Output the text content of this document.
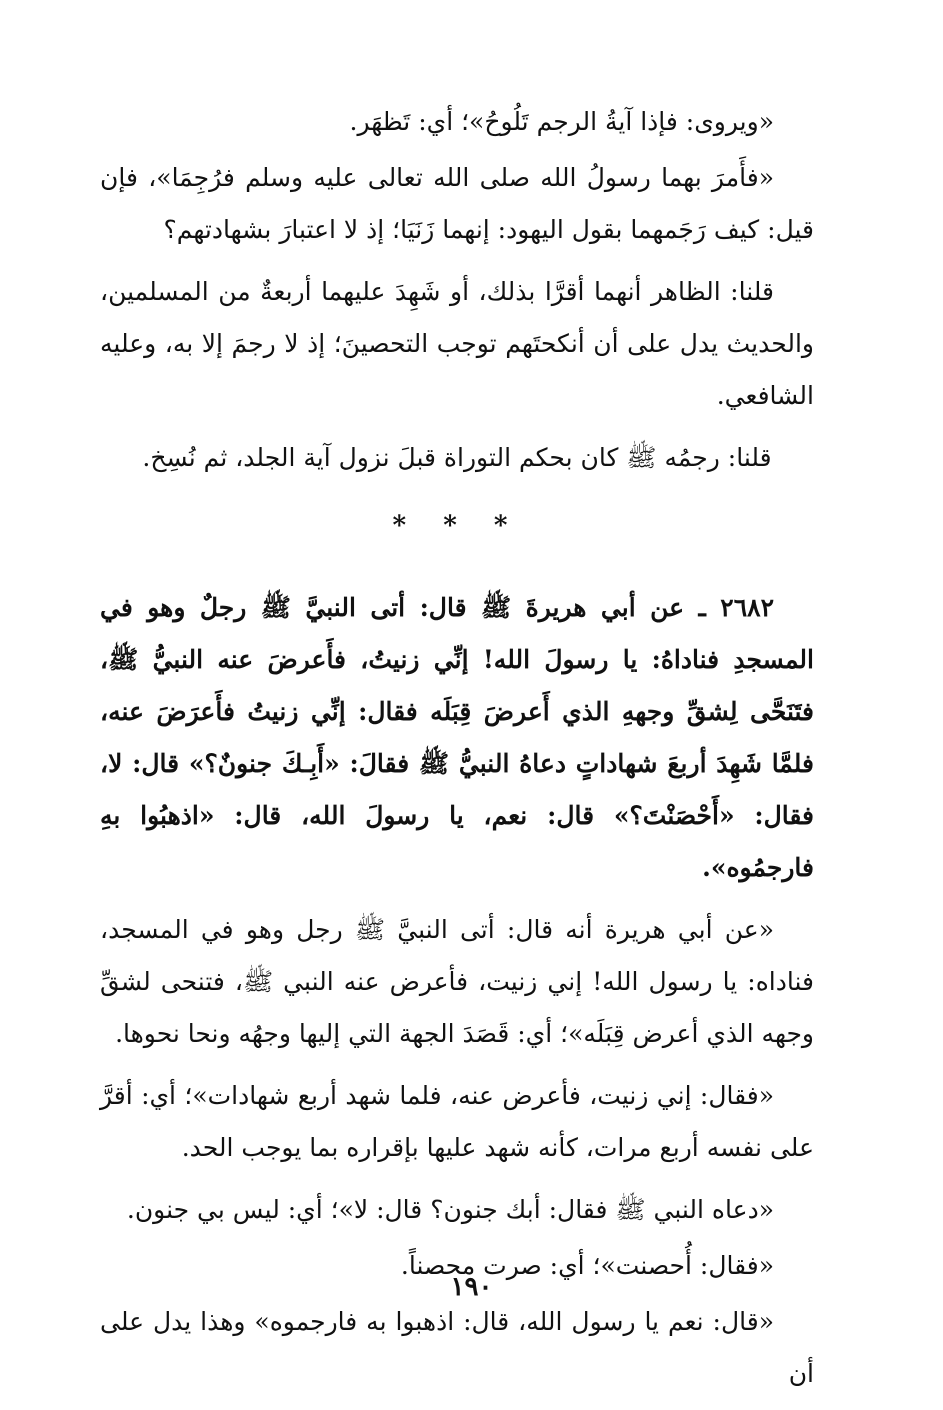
«ويروى: فإذا آيةُ الرجم تَلُوحُ»؛ أي: تَظهَر.

«فأَمرَ بهما رسولُ الله صلى الله تعالى عليه وسلم فرُجِمَا»، فإن قيل: كيف رَجَمهما بقول اليهود: إنهما زَنَيَا؛ إذ لا اعتبارَ بشهادتهم؟

قلنا: الظاهر أنهما أقرَّا بذلك، أو شَهِدَ عليهما أربعةٌ من المسلمين، والحديث يدل على أن أنكحتَهم توجب التحصينَ؛ إذ لا رجمَ إلا به، وعليه الشافعي.

قلنا: رجمُه ﷺ كان بحكم التوراة قبلَ نزول آية الجلد، ثم نُسِخ.

* * *

٢٦٨٢ ـ عن أبي هريرةَ ﷺ قال: أتى النبيَّ ﷺ رجلٌ وهو في المسجدِ فناداهُ: يا رسولَ الله! إنِّي زنيتُ، فأَعرضَ عنه النبيُّ ﷺ، فتَنَحَّى لِشقِّ وجههِ الذي أَعرضَ قِبَلَه فقال: إنِّي زنيتُ فأَعرَضَ عنه، فلمَّا شَهِدَ أربعَ شهاداتٍ دعاهُ النبيُّ ﷺ فقالَ: «أَبِـكَ جنونٌ؟» قال: لا، فقال: «أَحْصَنْتَ؟» قال: نعم، يا رسولَ الله، قال: «اذهبُوا بهِ فارجمُوه».

«عن أبي هريرة أنه قال: أتى النبيَّ ﷺ رجل وهو في المسجد، فناداه: يا رسول الله! إني زنيت، فأعرض عنه النبي ﷺ، فتنحى لشقِّ وجهه الذي أعرض قِبَلَه»؛ أي: قَصَدَ الجهة التي إليها وجهُه ونحا نحوها.

«فقال: إني زنيت، فأعرض عنه، فلما شهد أربع شهادات»؛ أي: أقرَّ على نفسه أربع مرات، كأنه شهد عليها بإقراره بما يوجب الحد.

«دعاه النبي ﷺ فقال: أبك جنون؟ قال: لا»؛ أي: ليس بي جنون.

«فقال: أُحصنت»؛ أي: صرت محصناً.

«قال: نعم يا رسول الله، قال: اذهبوا به فارجموه» وهذا يدل على أن

١٩٠
